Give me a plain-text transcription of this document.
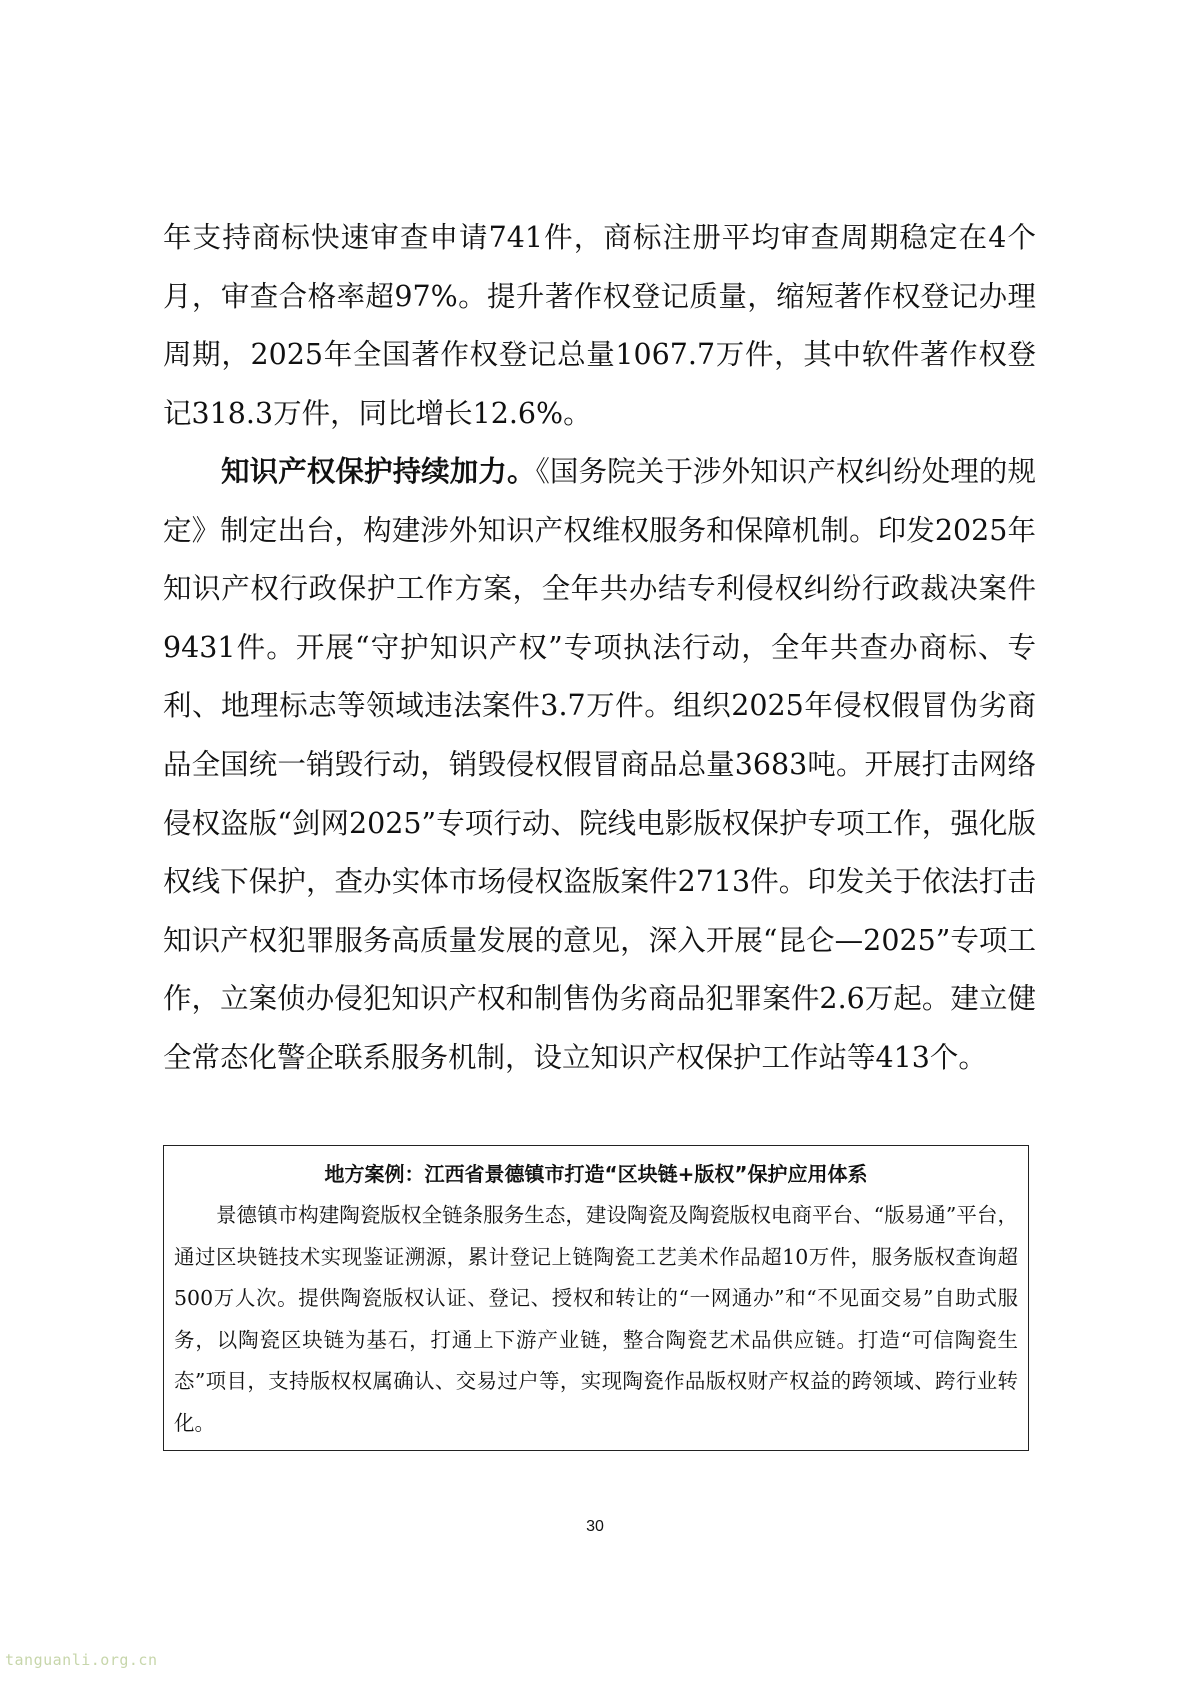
年支持商标快速审查申请741件，商标注册平均审查周期稳定在4个月，审查合格率超97%。提升著作权登记质量，缩短著作权登记办理周期，2025年全国著作权登记总量1067.7万件，其中软件著作权登记318.3万件，同比增长12.6%。

知识产权保护持续加力。《国务院关于涉外知识产权纠纷处理的规定》制定出台，构建涉外知识产权维权服务和保障机制。印发2025年知识产权行政保护工作方案，全年共办结专利侵权纠纷行政裁决案件9431件。开展“守护知识产权”专项执法行动，全年共查办商标、专利、地理标志等领域违法案件3.7万件。组织2025年侵权假冒伪劣商品全国统一销毁行动，销毁侵权假冒商品总量3683吨。开展打击网络侵权盗版“剑网2025”专项行动、院线电影版权保护专项工作，强化版权线下保护，查办实体市场侵权盗版案件2713件。印发关于依法打击知识产权犯罪服务高质量发展的意见，深入开展“昆仑—2025”专项工作，立案侦办侵犯知识产权和制售伪劣商品犯罪案件2.6万起。建立健全常态化警企联系服务机制，设立知识产权保护工作站等413个。

地方案例：江西省景德镇市打造“区块链+版权”保护应用体系

景德镇市构建陶瓷版权全链条服务生态，建设陶瓷及陶瓷版权电商平台、“版易通”平台，通过区块链技术实现鉴证溯源，累计登记上链陶瓷工艺美术作品超10万件，服务版权查询超500万人次。提供陶瓷版权认证、登记、授权和转让的“一网通办”和“不见面交易”自助式服务，以陶瓷区块链为基石，打通上下游产业链，整合陶瓷艺术品供应链。打造“可信陶瓷生态”项目，支持版权权属确认、交易过户等，实现陶瓷作品版权财产权益的跨领域、跨行业转化。

30
tanguanli.org.cn
